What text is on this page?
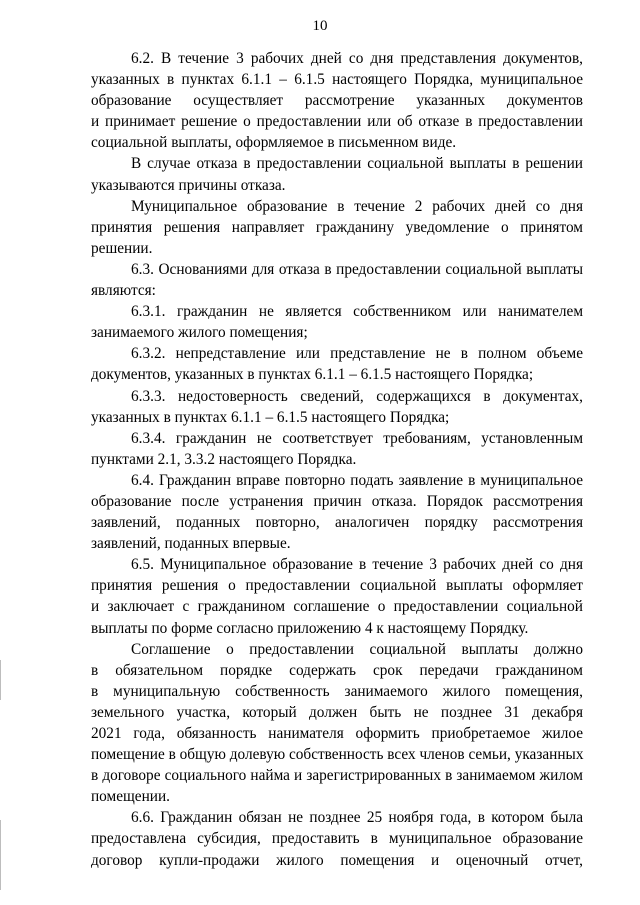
10

6.2. В течение 3 рабочих дней со дня представления документов,
указанных в пунктах 6.1.1 – 6.1.5 настоящего Порядка, муниципальное
образование осуществляет рассмотрение указанных документов
и принимает решение о предоставлении или об отказе в предоставлении
социальной выплаты, оформляемое в письменном виде.

В случае отказа в предоставлении социальной выплаты в решении
указываются причины отказа.

Муниципальное образование в течение 2 рабочих дней со дня
принятия решения направляет гражданину уведомление о принятом
решении.

6.3. Основаниями для отказа в предоставлении социальной выплаты
являются:

6.3.1. гражданин не является собственником или нанимателем
занимаемого жилого помещения;

6.3.2. непредставление или представление не в полном объеме
документов, указанных в пунктах 6.1.1 – 6.1.5 настоящего Порядка;

6.3.3. недостоверность сведений, содержащихся в документах,
указанных в пунктах 6.1.1 – 6.1.5 настоящего Порядка;

6.3.4. гражданин не соответствует требованиям, установленным
пунктами 2.1, 3.3.2 настоящего Порядка.

6.4. Гражданин вправе повторно подать заявление в муниципальное
образование после устранения причин отказа. Порядок рассмотрения
заявлений, поданных повторно, аналогичен порядку рассмотрения
заявлений, поданных впервые.

6.5. Муниципальное образование в течение 3 рабочих дней со дня
принятия решения о предоставлении социальной выплаты оформляет
и заключает с гражданином соглашение о предоставлении социальной
выплаты по форме согласно приложению 4 к настоящему Порядку.

Соглашение о предоставлении социальной выплаты должно
в обязательном порядке содержать срок передачи гражданином
в муниципальную собственность занимаемого жилого помещения,
земельного участка, который должен быть не позднее 31 декабря
2021 года, обязанность нанимателя оформить приобретаемое жилое
помещение в общую долевую собственность всех членов семьи, указанных
в договоре социального найма и зарегистрированных в занимаемом жилом
помещении.

6.6. Гражданин обязан не позднее 25 ноября года, в котором была
предоставлена субсидия, предоставить в муниципальное образование
договор купли-продажи жилого помещения и оценочный отчет,
